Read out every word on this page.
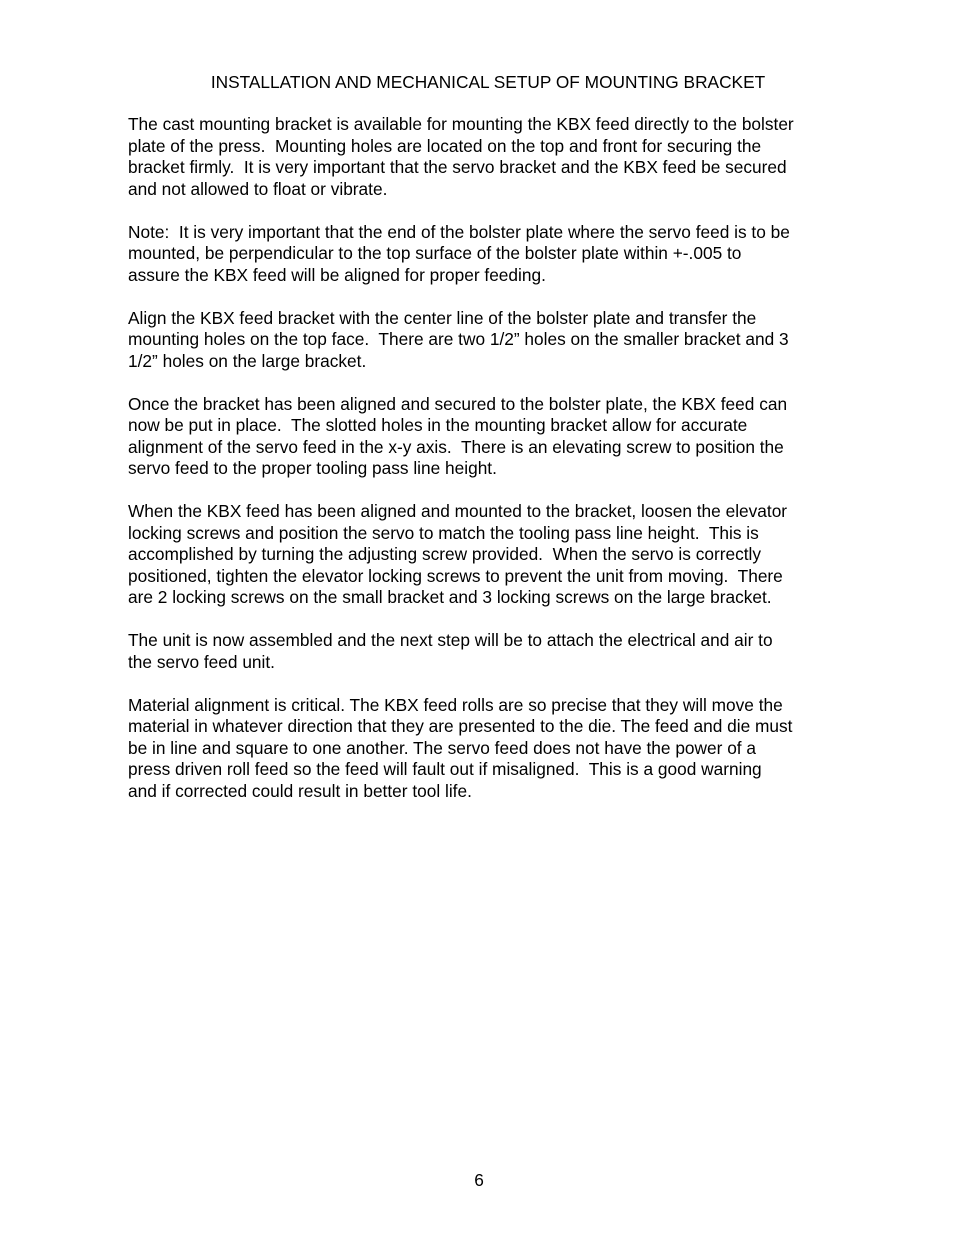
INSTALLATION AND MECHANICAL SETUP OF MOUNTING BRACKET

The cast mounting bracket is available for mounting the KBX feed directly to the bolster
plate of the press.  Mounting holes are located on the top and front for securing the
bracket firmly.  It is very important that the servo bracket and the KBX feed be secured
and not allowed to float or vibrate.

Note:  It is very important that the end of the bolster plate where the servo feed is to be
mounted, be perpendicular to the top surface of the bolster plate within +-.005 to
assure the KBX feed will be aligned for proper feeding.

Align the KBX feed bracket with the center line of the bolster plate and transfer the
mounting holes on the top face.  There are two 1/2” holes on the smaller bracket and 3
1/2” holes on the large bracket.

Once the bracket has been aligned and secured to the bolster plate, the KBX feed can
now be put in place.  The slotted holes in the mounting bracket allow for accurate
alignment of the servo feed in the x-y axis.  There is an elevating screw to position the
servo feed to the proper tooling pass line height.

When the KBX feed has been aligned and mounted to the bracket, loosen the elevator
locking screws and position the servo to match the tooling pass line height.  This is
accomplished by turning the adjusting screw provided.  When the servo is correctly
positioned, tighten the elevator locking screws to prevent the unit from moving.  There
are 2 locking screws on the small bracket and 3 locking screws on the large bracket.

The unit is now assembled and the next step will be to attach the electrical and air to
the servo feed unit.

Material alignment is critical. The KBX feed rolls are so precise that they will move the
material in whatever direction that they are presented to the die. The feed and die must
be in line and square to one another. The servo feed does not have the power of a
press driven roll feed so the feed will fault out if misaligned.  This is a good warning
and if corrected could result in better tool life.

6
